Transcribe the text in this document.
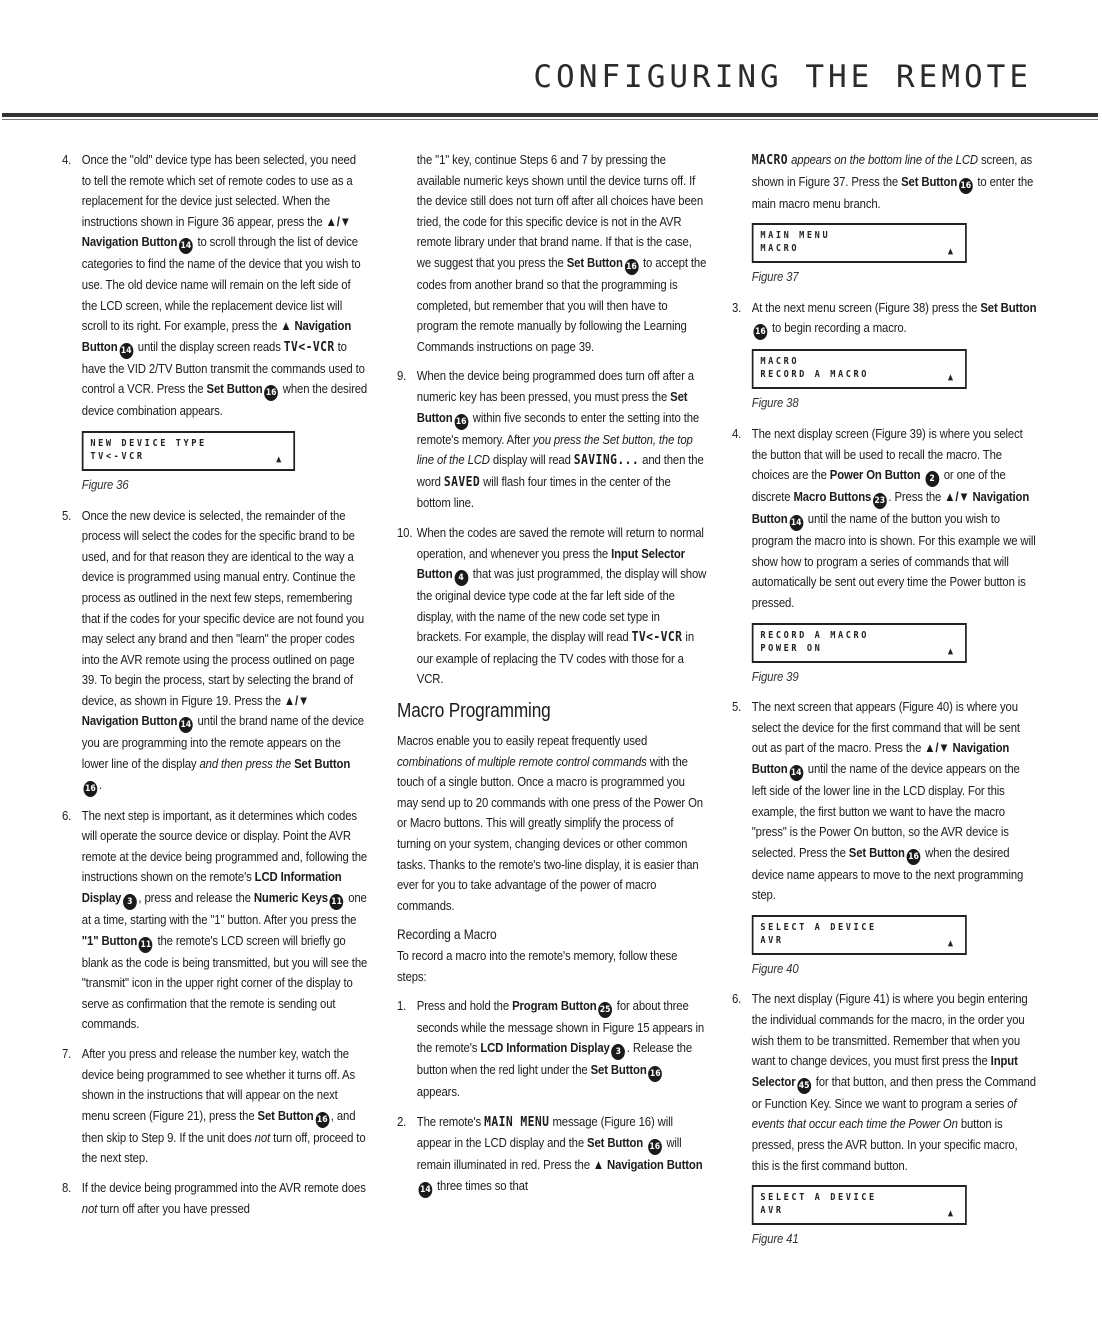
CONFIGURING THE REMOTE
4. Once the "old" device type has been selected, you need to tell the remote which set of remote codes to use as a replacement for the device just selected. When the instructions shown in Figure 36 appear, press the ▲/▼ Navigation Button 14 to scroll through the list of device categories to find the name of the device that you wish to use. The old device name will remain on the left side of the LCD screen, while the replacement device list will scroll to its right. For example, press the ▲ Navigation Button 14 until the display screen reads TV<-VCR to have the VID 2/TV Button transmit the commands used to control a VCR. Press the Set Button 16 when the desired device combination appears.
NEW DEVICE TYPE
TV<-VCR	▲
Figure 36
5. Once the new device is selected, the remainder of the process will select the codes for the specific brand to be used, and for that reason they are identical to the way a device is programmed using manual entry. Continue the process as outlined in the next few steps, remembering that if the codes for your specific device are not found you may select any brand and then "learn" the proper codes into the AVR remote using the process outlined on page 39. To begin the process, start by selecting the brand of device, as shown in Figure 19. Press the ▲/▼ Navigation Button 14 until the brand name of the device you are programming into the remote appears on the lower line of the display and then press the Set Button16 .
6. The next step is important, as it determines which codes will operate the source device or display. Point the AVR remote at the device being programmed and, following the instructions shown on the remote's LCD Information Display 3 , press and release the Numeric Keys 11 one at a time, starting with the "1" button. After you press the "1" Button 11 the remote's LCD screen will briefly go blank as the code is being transmitted, but you will see the "transmit" icon in the upper right corner of the display to serve as confirmation that the remote is sending out commands.
7. After you press and release the number key, watch the device being programmed to see whether it turns off. As shown in the instructions that will appear on the next menu screen (Figure 21), press the Set Button 16 , and then skip to Step 9. If the unit does not turn off, proceed to the next step.
8. If the device being programmed into the AVR remote does not turn off after you have pressed
the "1" key, continue Steps 6 and 7 by pressing the available numeric keys shown until the device turns off. If the device still does not turn off after all choices have been tried, the code for this specific device is not in the AVR remote library under that brand name. If that is the case, we suggest that you press the Set Button 16 to accept the codes from another brand so that the programming is completed, but remember that you will then have to program the remote manually by following the Learning Commands instructions on page 39.
9. When the device being programmed does turn off after a numeric key has been pressed, you must press the Set Button 16 within five seconds to enter the setting into the remote's memory. After you press the Set button, the top line of the LCD display will read SAVING... and then the word SAVED will flash four times in the center of the bottom line.
10. When the codes are saved the remote will return to normal operation, and whenever you press the Input Selector Button 4 that was just programmed, the display will show the original device type code at the far left side of the display, with the name of the new code set type in brackets. For example, the display will read TV<-VCR in our example of replacing the TV codes with those for a VCR.
Macro Programming

Macros enable you to easily repeat frequently used combinations of multiple remote control commands with the touch of a single button. Once a macro is programmed you may send up to 20 commands with one press of the Power On or Macro buttons. This will greatly simplify the process of turning on your system, changing devices or other common tasks. Thanks to the remote's two-line display, it is easier than ever for you to take advantage of the power of macro commands.

Recording a Macro

To record a macro into the remote's memory, follow these steps:

1. Press and hold the Program Button 25 for about three seconds while the message shown in Figure 15 appears in the remote's LCD Information Display 3 . Release the button when the red light under the Set Button 16 appears.
2. The remote's MAIN MENU message (Figure 16) will appear in the LCD display and the Set Button 16 will remain illuminated in red. Press the ▲ Navigation Button14 three times so that
MACRO appears on the bottom line of the LCD screen, as shown in Figure 37. Press the Set Button 16 to enter the main macro menu branch.
MAIN MENU
MACRO	▲
Figure 37
3. At the next menu screen (Figure 38) press the Set Button16 to begin recording a macro.
MACRO
RECORD A MACRO	▲
Figure 38
4. The next display screen (Figure 39) is where you select the button that will be used to recall the macro. The choices are the Power On Button 2 or one of the discrete Macro Buttons 23 . Press the ▲/▼ Navigation Button 14 until the name of the button you wish to program the macro into is shown. For this example we will show how to program a series of commands that will automatically be sent out every time the Power button is pressed.
RECORD A MACRO
POWER ON	▲
Figure 39
5. The next screen that appears (Figure 40) is where you select the device for the first command that will be sent out as part of the macro. Press the ▲/▼ Navigation Button 14 until the name of the device appears on the left side of the lower line in the LCD display. For this example, the first button we want to have the macro "press" is the Power On button, so the AVR device is selected. Press the Set Button 16 when the desired device name appears to move to the next programming step.
SELECT A DEVICE
AVR	▲
Figure 40
6. The next display (Figure 41) is where you begin entering the individual commands for the macro, in the order you wish them to be transmitted. Remember that when you want to change devices, you must first press the Input Selector 45 for that button, and then press the Command or Function Key. Since we want to program a series of events that occur each time the Power On button is pressed, press the AVR button. In your specific macro, this is the first command button.
SELECT A DEVICE
AVR	▲
Figure 41
